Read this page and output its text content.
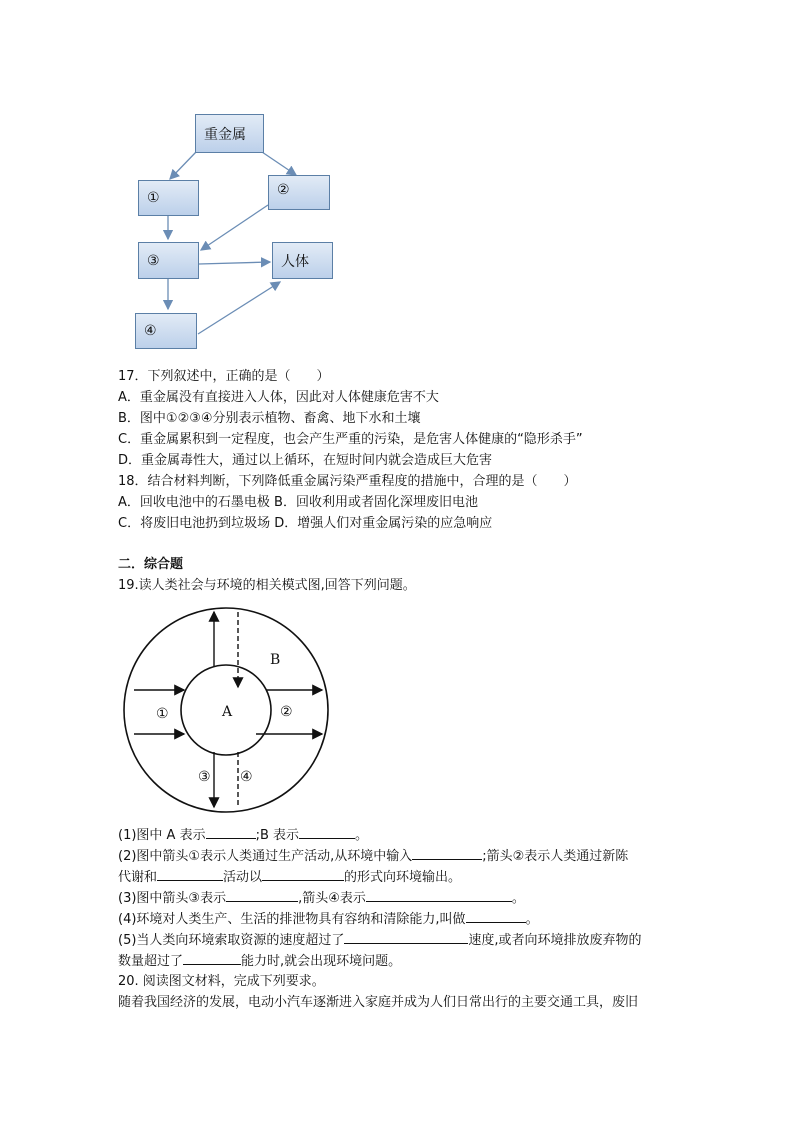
重金属
①	②
③	人体
④
17．下列叙述中，正确的是（　　）
A．重金属没有直接进入人体，因此对人体健康危害不大
B．图中①②③④分别表示植物、畜禽、地下水和土壤
C．重金属累积到一定程度，也会产生严重的污染，是危害人体健康的“隐形杀手”
D．重金属毒性大，通过以上循环，在短时间内就会造成巨大危害
18．结合材料判断，下列降低重金属污染严重程度的措施中，合理的是（　　）
A．回收电池中的石墨电极 B．回收利用或者固化深埋废旧电池
C．将废旧电池扔到垃圾场 D．增强人们对重金属污染的应急响应
二．综合题
19.读人类社会与环境的相关模式图,回答下列问题。
A
B
①	②
③ ④
(1)图中 A 表示	;B 表示	。
(2)图中箭头①表示人类通过生产活动,从环境中输入	;箭头②表示人类通过新陈
代谢和	活动以	的形式向环境输出。
(3)图中箭头③表示	,箭头④表示	。
(4)环境对人类生产、生活的排泄物具有容纳和清除能力,叫做	。
(5)当人类向环境索取资源的速度超过了	速度,或者向环境排放废弃物的
数量超过了	能力时,就会出现环境问题。
20. 阅读图文材料，完成下列要求。
随着我国经济的发展，电动小汽车逐渐进入家庭并成为人们日常出行的主要交通工具，废旧
